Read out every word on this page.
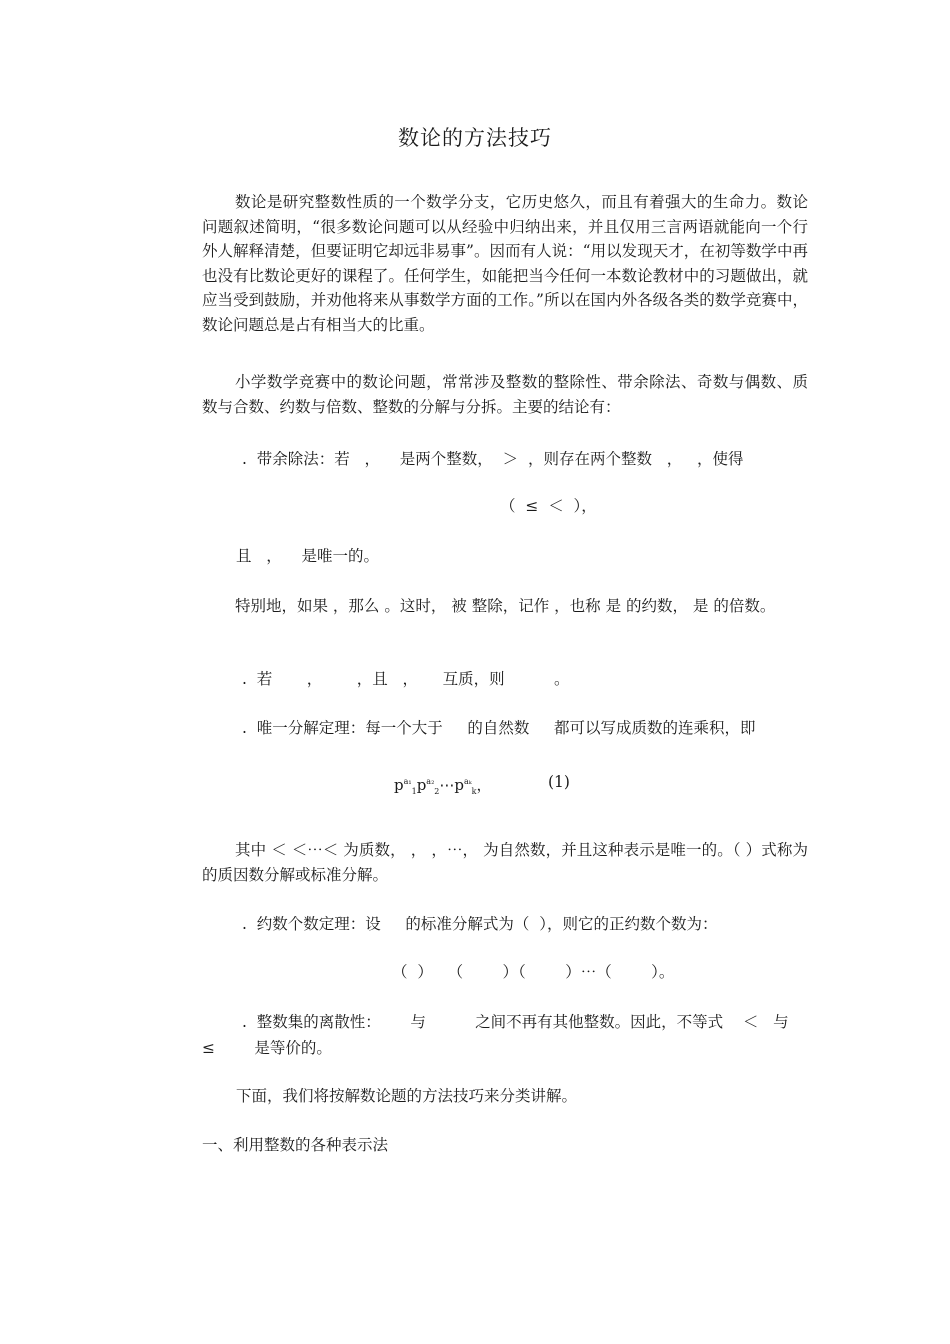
数论的方法技巧
数论是研究整数性质的一个数学分支，它历史悠久，而且有着强大的生命力。数论问题叙述简明，“很多数论问题可以从经验中归纳出来，并且仅用三言两语就能向一个行外人解释清楚，但要证明它却远非易事”。因而有人说：“用以发现天才，在初等数学中再也没有比数论更好的课程了。任何学生，如能把当今任何一本数论教材中的习题做出，就应当受到鼓励，并劝他将来从事数学方面的工作。”所以在国内外各级各类的数学竞赛中，数论问题总是占有相当大的比重。
小学数学竞赛中的数论问题，常常涉及整数的整除性、带余除法、奇数与偶数、质数与合数、约数与倍数、整数的分解与分拆。主要的结论有：
.  带余除法：若   ，    是两个整数，  ＞  ，则存在两个整数   ，   ，使得
（  ≤  ＜  ），
且   ，    是唯一的。
特别地，如果 ，那么 。这时， 被 整除，记作 ，也称 是 的约数， 是 的倍数。
.  若       ，       ，且   ，     互质，则          。
.  唯一分解定理：每一个大于     的自然数     都可以写成质数的连乘积，即
$p^{a_1}_1p^{a_2}_2\cdots p^{a_k}_k$，	(1)
其中 ＜ ＜⋯＜ 为质数， ， ，⋯， 为自然数，并且这种表示是唯一的。（ ）式称为 的质因数分解或标准分解。
.  约数个数定理：设     的标准分解式为（  ），则它的正约数个数为：
（  ）   （        ）（        ）⋯（        ）。
.  整数集的离散性：      与          之间不再有其他整数。因此，不等式    ＜   与
≤        是等价的。
下面，我们将按解数论题的方法技巧来分类讲解。
一、利用整数的各种表示法
